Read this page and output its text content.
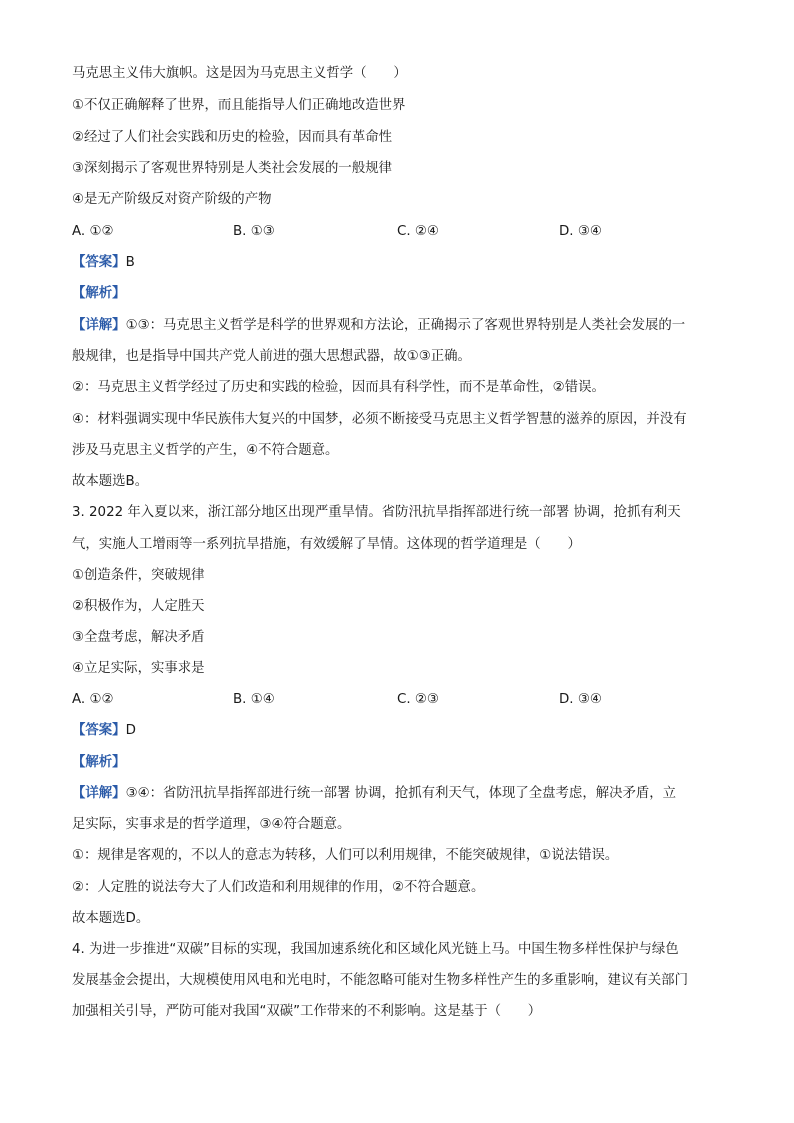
马克思主义伟大旗帜。这是因为马克思主义哲学（　　）
①不仅正确解释了世界，而且能指导人们正确地改造世界
②经过了人们社会实践和历史的检验，因而具有革命性
③深刻揭示了客观世界特别是人类社会发展的一般规律
④是无产阶级反对资产阶级的产物
A. ①②	B. ①③	C. ②④	D. ③④
【答案】B
【解析】
【详解】①③：马克思主义哲学是科学的世界观和方法论，正确揭示了客观世界特别是人类社会发展的一
般规律，也是指导中国共产党人前进的强大思想武器，故①③正确。
②：马克思主义哲学经过了历史和实践的检验，因而具有科学性，而不是革命性，②错误。
④：材料强调实现中华民族伟大复兴的中国梦，必须不断接受马克思主义哲学智慧的滋养的原因，并没有
涉及马克思主义哲学的产生，④不符合题意。
故本题选B。
3. 2022 年入夏以来，浙江部分地区出现严重旱情。省防汛抗旱指挥部进行统一部署 协调，抢抓有利天
气，实施人工增雨等一系列抗旱措施，有效缓解了旱情。这体现的哲学道理是（　　）
①创造条件，突破规律
②积极作为，人定胜天
③全盘考虑，解决矛盾
④立足实际，实事求是
A. ①②	B. ①④	C. ②③	D. ③④
【答案】D
【解析】
【详解】③④：省防汛抗旱指挥部进行统一部署 协调，抢抓有利天气，体现了全盘考虑，解决矛盾，立
足实际，实事求是的哲学道理，③④符合题意。
①：规律是客观的，不以人的意志为转移，人们可以利用规律，不能突破规律，①说法错误。
②：人定胜的说法夸大了人们改造和利用规律的作用，②不符合题意。
故本题选D。
4. 为进一步推进“双碳”目标的实现，我国加速系统化和区域化风光链上马。中国生物多样性保护与绿色
发展基金会提出，大规模使用风电和光电时，不能忽略可能对生物多样性产生的多重影响，建议有关部门
加强相关引导，严防可能对我国“双碳”工作带来的不利影响。这是基于（　　）
